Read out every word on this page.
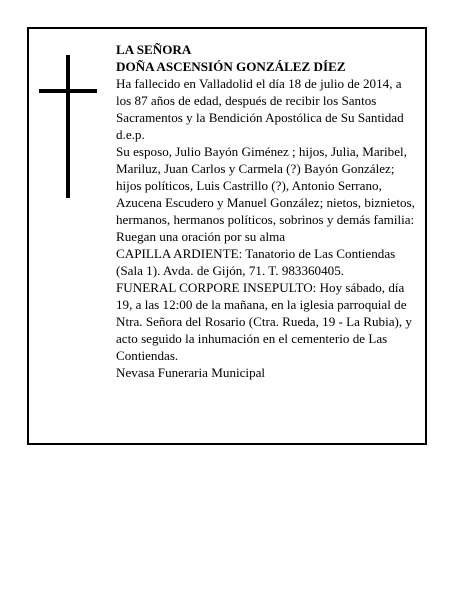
LA SEÑORA

DOÑA ASCENSIÓN GONZÁLEZ DÍEZ

Ha fallecido en Valladolid el día 18 de julio de 2014, a los 87 años de edad, después de recibir los Santos Sacramentos y la Bendición Apostólica de Su Santidad d.e.p.

Su esposo, Julio Bayón Giménez ; hijos, Julia, Maribel, Mariluz, Juan Carlos y Carmela (?) Bayón González; hijos políticos, Luis Castrillo (?), Antonio Serrano, Azucena Escudero y Manuel González; nietos, biznietos, hermanos, hermanos políticos, sobrinos y demás familia:

Ruegan una oración por su alma

CAPILLA ARDIENTE: Tanatorio de Las Contiendas (Sala 1). Avda. de Gijón, 71. T. 983360405.

FUNERAL CORPORE INSEPULTO: Hoy sábado, día 19, a las 12:00 de la mañana, en la iglesia parroquial de Ntra. Señora del Rosario (Ctra. Rueda, 19 - La Rubia), y acto seguido la inhumación en el cementerio de Las Contiendas.

Nevasa Funeraria Municipal
